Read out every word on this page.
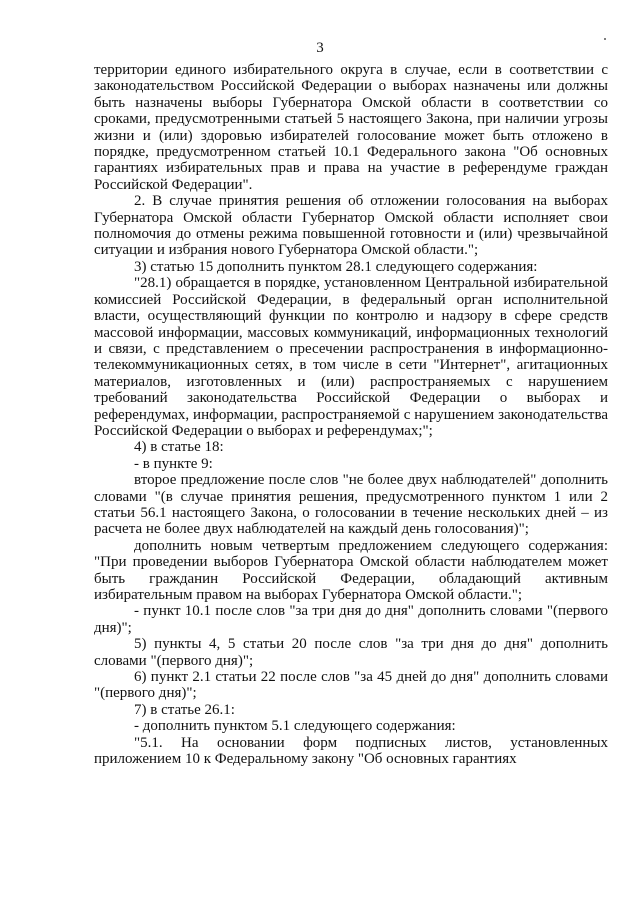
3

территории единого избирательного округа в случае, если в соответствии с законодательством Российской Федерации о выборах назначены или должны быть назначены выборы Губернатора Омской области в соответствии со сроками, предусмотренными статьей 5 настоящего Закона, при наличии угрозы жизни и (или) здоровью избирателей голосование может быть отложено в порядке, предусмотренном статьей 10.1 Федерального закона "Об основных гарантиях избирательных прав и права на участие в референдуме граждан Российской Федерации".

2. В случае принятия решения об отложении голосования на выборах Губернатора Омской области Губернатор Омской области исполняет свои полномочия до отмены режима повышенной готовности и (или) чрезвычайной ситуации и избрания нового Губернатора Омской области.";

3) статью 15 дополнить пунктом 28.1 следующего содержания:

"28.1) обращается в порядке, установленном Центральной избирательной комиссией Российской Федерации, в федеральный орган исполнительной власти, осуществляющий функции по контролю и надзору в сфере средств массовой информации, массовых коммуникаций, информационных технологий и связи, с представлением о пресечении распространения в информационно-телекоммуникационных сетях, в том числе в сети "Интернет", агитационных материалов, изготовленных и (или) распространяемых с нарушением требований законодательства Российской Федерации о выборах и референдумах, информации, распространяемой с нарушением законодательства Российской Федерации о выборах и референдумах;";

4) в статье 18:

- в пункте 9:

второе предложение после слов "не более двух наблюдателей" дополнить словами "(в случае принятия решения, предусмотренного пунктом 1 или 2 статьи 56.1 настоящего Закона, о голосовании в течение нескольких дней – из расчета не более двух наблюдателей на каждый день голосования)";

дополнить новым четвертым предложением следующего содержания: "При проведении выборов Губернатора Омской области наблюдателем может быть гражданин Российской Федерации, обладающий активным избирательным правом на выборах Губернатора Омской области.";

- пункт 10.1 после слов "за три дня до дня" дополнить словами "(первого дня)";

5) пункты 4, 5 статьи 20 после слов "за три дня до дня" дополнить словами "(первого дня)";

6) пункт 2.1 статьи 22 после слов "за 45 дней до дня" дополнить словами "(первого дня)";

7) в статье 26.1:

- дополнить пунктом 5.1 следующего содержания:

"5.1. На основании форм подписных листов, установленных приложением 10 к Федеральному закону "Об основных гарантиях
